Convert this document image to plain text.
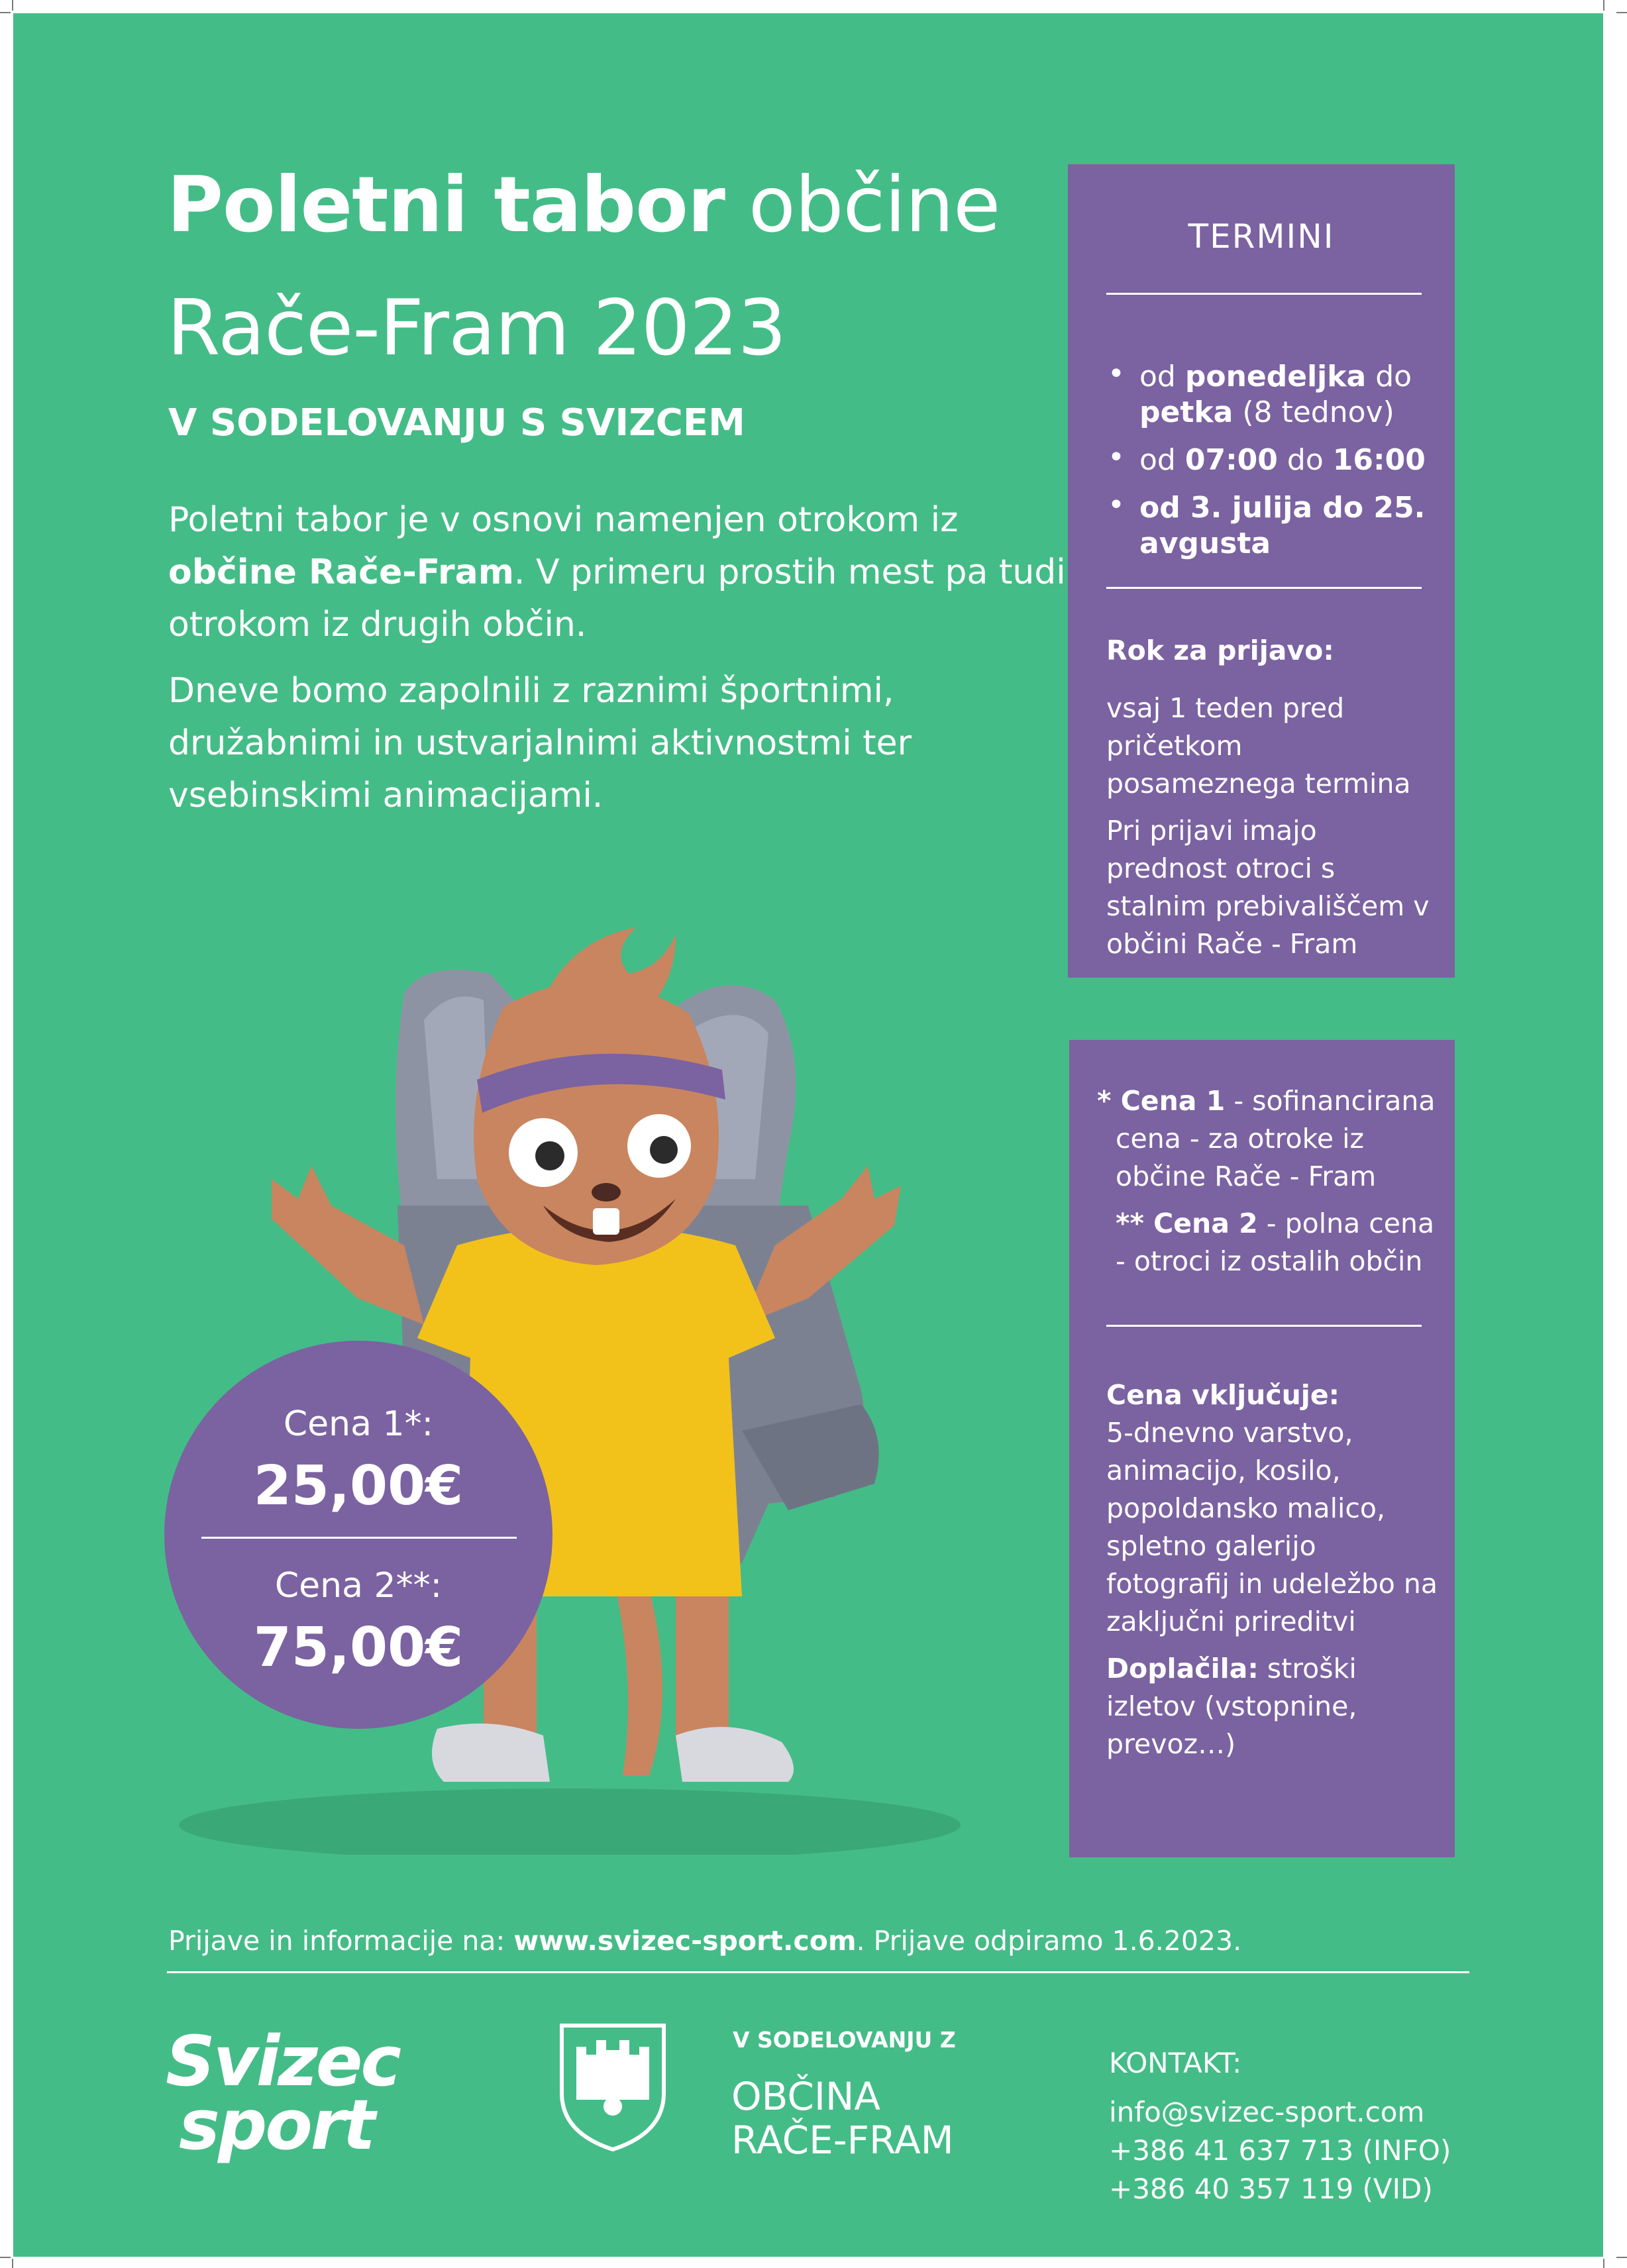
Poletni tabor občine
Rače-Fram 2023
V SODELOVANJU S SVIZCEM

Poletni tabor je v osnovi namenjen otrokom iz občine Rače-Fram. V primeru prostih mest pa tudi otrokom iz drugih občin.

Dneve bomo zapolnili z raznimi športnimi, družabnimi in ustvarjalnimi aktivnostmi ter vsebinskimi animacijami.

TERMINI
• od ponedeljka do petka (8 tednov)
• od 07:00 do 16:00
• od 3. julija do 25. avgusta

Rok za prijavo:

vsaj 1 teden pred pričetkom posameznega termina

Pri prijavi imajo prednost otroci s stalnim prebivališčem v občini Rače - Fram

* Cena 1 - sofinancirana cena - za otroke iz občine Rače - Fram

** Cena 2 - polna cena - otroci iz ostalih občin

Cena vključuje:
5-dnevno varstvo, animacijo, kosilo, popoldansko malico, spletno galerijo fotografij in udeležbo na zaključni prireditvi

Doplačila: stroški izletov (vstopnine, prevoz…)

Cena 1*:
25,00€
Cena 2**:
75,00€
Prijave in informacije na: www.svizec-sport.com. Prijave odpiramo 1.6.2023.
Svizec
sport
V SODELOVANJU Z
OBČINA
RAČE-FRAM
KONTAKT:
info@svizec-sport.com
+386 41 637 713 (INFO)
+386 40 357 119 (VID)
